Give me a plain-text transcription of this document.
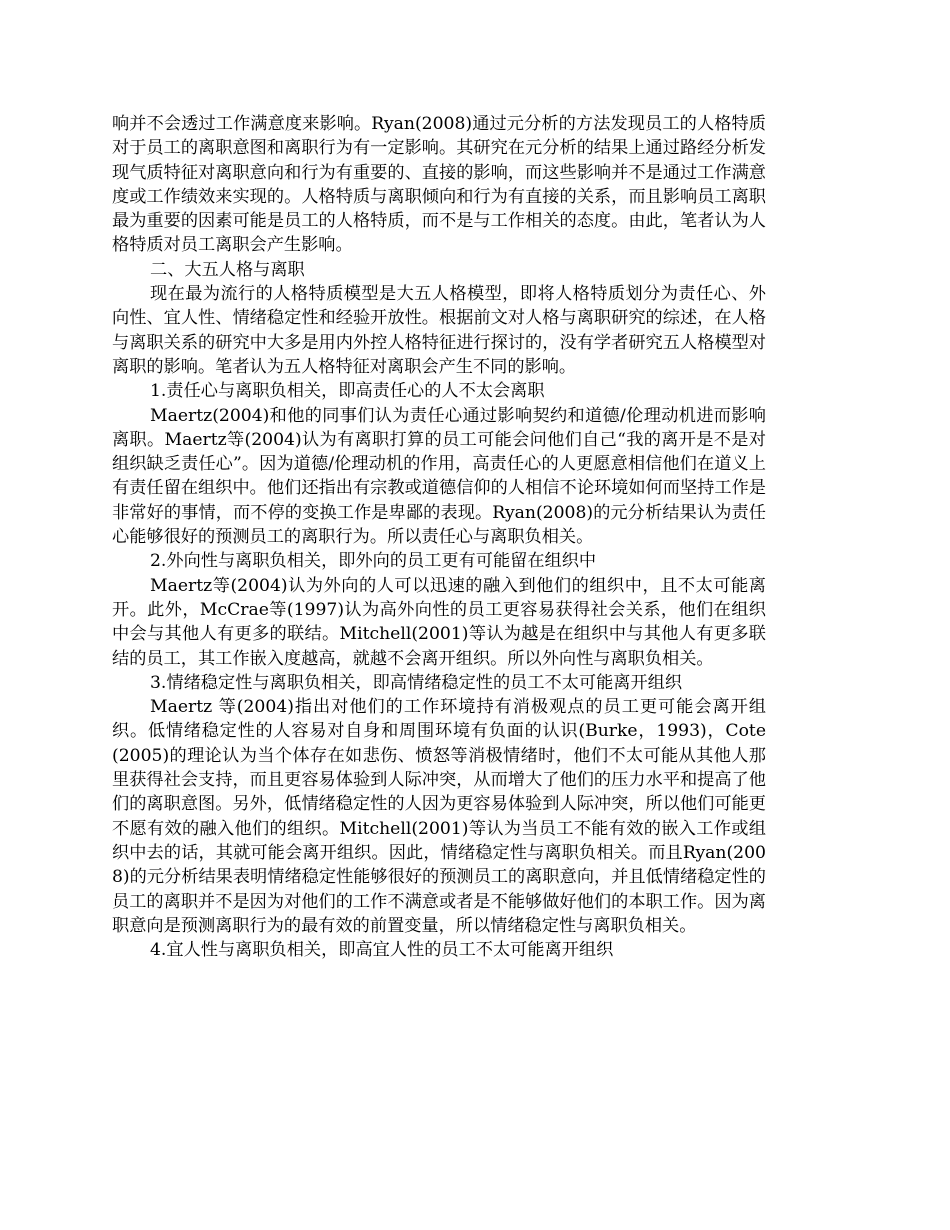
响并不会透过工作满意度来影响。Ryan(2008)通过元分析的方法发现员工的人格特质对于员工的离职意图和离职行为有一定影响。其研究在元分析的结果上通过路经分析发现气质特征对离职意向和行为有重要的、直接的影响，而这些影响并不是通过工作满意度或工作绩效来实现的。人格特质与离职倾向和行为有直接的关系，而且影响员工离职最为重要的因素可能是员工的人格特质，而不是与工作相关的态度。由此，笔者认为人格特质对员工离职会产生影响。

二、大五人格与离职

现在最为流行的人格特质模型是大五人格模型，即将人格特质划分为责任心、外向性、宜人性、情绪稳定性和经验开放性。根据前文对人格与离职研究的综述，在人格与离职关系的研究中大多是用内外控人格特征进行探讨的，没有学者研究五人格模型对离职的影响。笔者认为五人格特征对离职会产生不同的影响。

1.责任心与离职负相关，即高责任心的人不太会离职

Maertz(2004)和他的同事们认为责任心通过影响契约和道德/伦理动机进而影响离职。Maertz等(2004)认为有离职打算的员工可能会问他们自己“我的离开是不是对组织缺乏责任心”。因为道德/伦理动机的作用，高责任心的人更愿意相信他们在道义上有责任留在组织中。他们还指出有宗教或道德信仰的人相信不论环境如何而坚持工作是非常好的事情，而不停的变换工作是卑鄙的表现。Ryan(2008)的元分析结果认为责任心能够很好的预测员工的离职行为。所以责任心与离职负相关。

2.外向性与离职负相关，即外向的员工更有可能留在组织中

Maertz等(2004)认为外向的人可以迅速的融入到他们的组织中，且不太可能离开。此外，McCrae等(1997)认为高外向性的员工更容易获得社会关系，他们在组织中会与其他人有更多的联结。Mitchell(2001)等认为越是在组织中与其他人有更多联结的员工，其工作嵌入度越高，就越不会离开组织。所以外向性与离职负相关。

3.情绪稳定性与离职负相关，即高情绪稳定性的员工不太可能离开组织

Maertz 等(2004)指出对他们的工作环境持有消极观点的员工更可能会离开组织。低情绪稳定性的人容易对自身和周围环境有负面的认识(Burke，1993)，Cote (2005)的理论认为当个体存在如悲伤、愤怒等消极情绪时，他们不太可能从其他人那里获得社会支持，而且更容易体验到人际冲突，从而增大了他们的压力水平和提高了他们的离职意图。另外，低情绪稳定性的人因为更容易体验到人际冲突，所以他们可能更不愿有效的融入他们的组织。Mitchell(2001)等认为当员工不能有效的嵌入工作或组织中去的话，其就可能会离开组织。因此，情绪稳定性与离职负相关。而且Ryan(2008)的元分析结果表明情绪稳定性能够很好的预测员工的离职意向，并且低情绪稳定性的员工的离职并不是因为对他们的工作不满意或者是不能够做好他们的本职工作。因为离职意向是预测离职行为的最有效的前置变量，所以情绪稳定性与离职负相关。

4.宜人性与离职负相关，即高宜人性的员工不太可能离开组织
